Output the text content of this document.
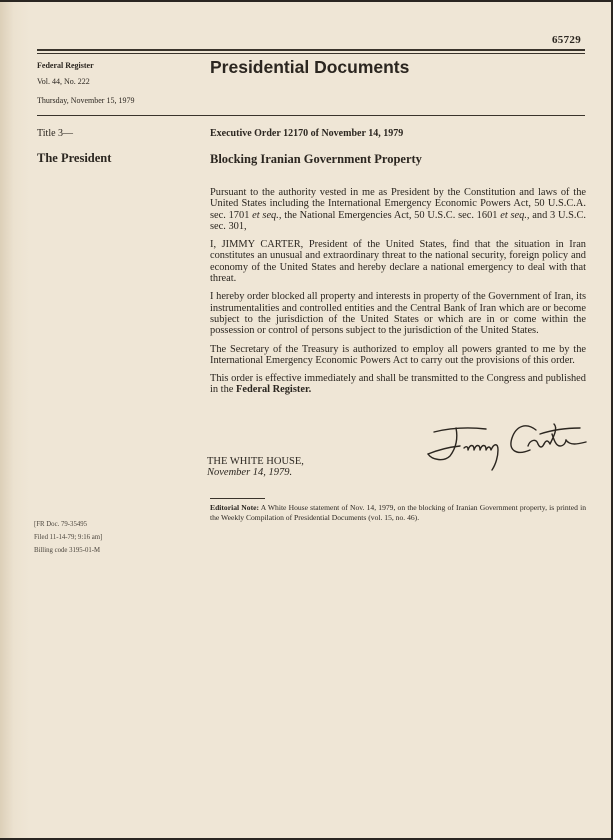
65729
Federal Register
Vol. 44, No. 222
Thursday, November 15, 1979
Presidential Documents
Title 3—
The President
Executive Order 12170 of November 14, 1979
Blocking Iranian Government Property

Pursuant to the authority vested in me as President by the Constitution and laws of the United States including the International Emergency Economic Powers Act, 50 U.S.C.A. sec. 1701 et seq., the National Emergencies Act, 50 U.S.C. sec. 1601 et seq., and 3 U.S.C. sec. 301,

I, JIMMY CARTER, President of the United States, find that the situation in Iran constitutes an unusual and extraordinary threat to the national security, foreign policy and economy of the United States and hereby declare a national emergency to deal with that threat.

I hereby order blocked all property and interests in property of the Government of Iran, its instrumentalities and controlled entities and the Central Bank of Iran which are or become subject to the jurisdiction of the United States or which are in or come within the possession or control of persons subject to the jurisdiction of the United States.

The Secretary of the Treasury is authorized to employ all powers granted to me by the International Emergency Economic Powers Act to carry out the provisions of this order.

This order is effective immediately and shall be transmitted to the Congress and published in the Federal Register.

THE WHITE HOUSE,
November 14, 1979.
Editorial Note: A White House statement of Nov. 14, 1979, on the blocking of Iranian Government property, is printed in the Weekly Compilation of Presidential Documents (vol. 15, no. 46).
[FR Doc. 79-35495
Filed 11-14-79; 9:16 am]
Billing code 3195-01-M
